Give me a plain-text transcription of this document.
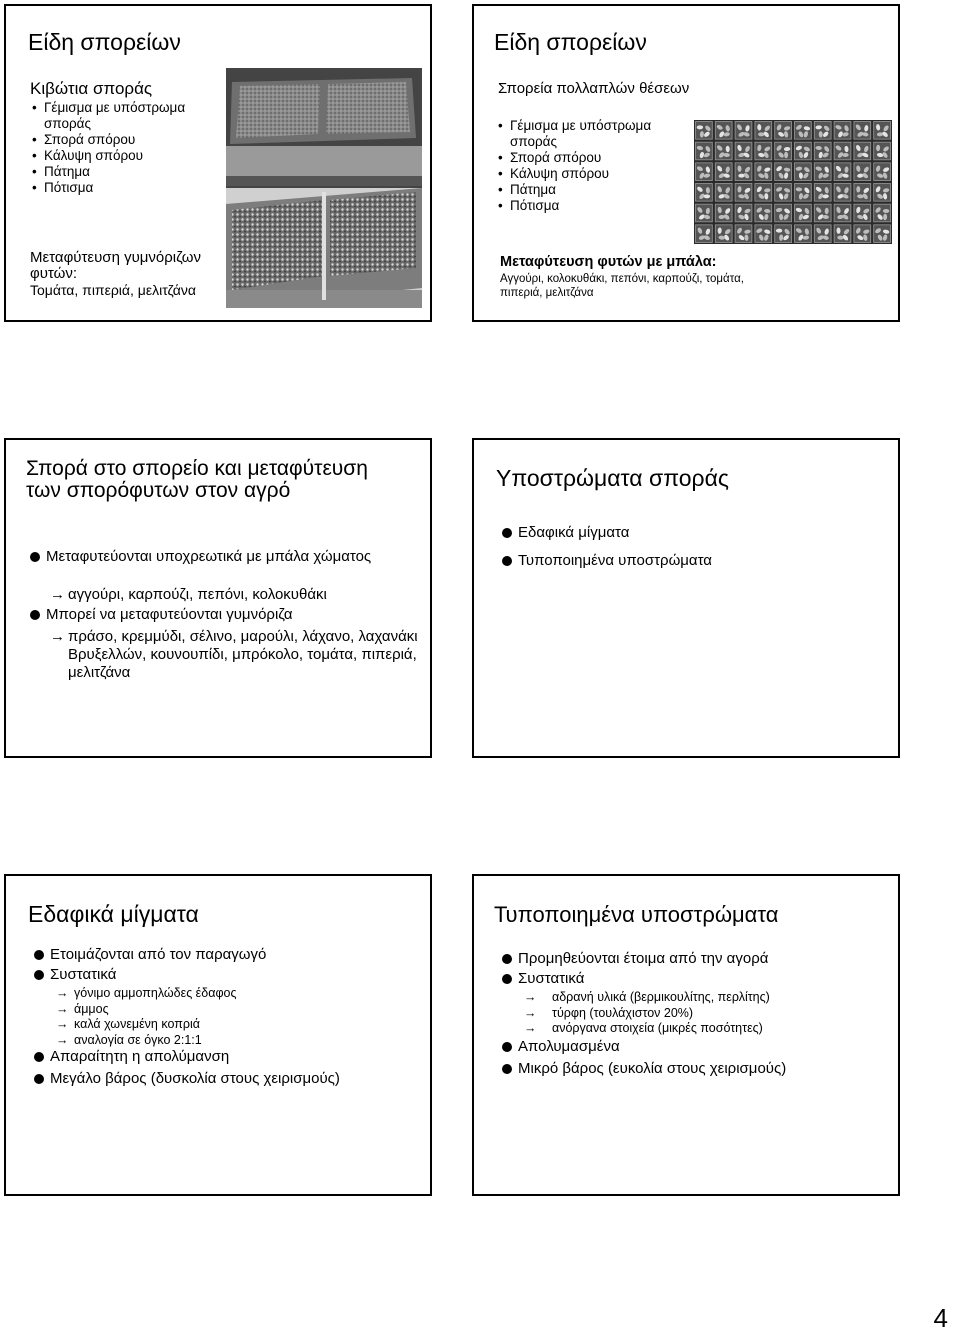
Είδη σπορείων
Κιβώτια σποράς
• Γέμισμα με υπόστρωμα σποράς
• Σπορά σπόρου
• Κάλυψη σπόρου
• Πάτημα
• Πότισμα
Μεταφύτευση γυμνόριζων φυτών:
Τομάτα, πιπεριά, μελιτζάνα
Είδη σπορείων
Σπορεία πολλαπλών θέσεων
• Γέμισμα με υπόστρωμα σποράς
• Σπορά σπόρου
• Κάλυψη σπόρου
• Πάτημα
• Πότισμα
Μεταφύτευση φυτών με μπάλα:
Αγγούρι, κολοκυθάκι, πεπόνι, καρπούζι, τομάτα, πιπεριά, μελιτζάνα
Σπορά στο σπορείο και μεταφύτευση των σπορόφυτων στον αγρό
Μεταφυτεύονται υποχρεωτικά με μπάλα χώματος
→ αγγούρι, καρπούζι, πεπόνι, κολοκυθάκι
Μπορεί να μεταφυτεύονται γυμνόριζα
→ πράσο, κρεμμύδι, σέλινο, μαρούλι, λάχανο, λαχανάκι Βρυξελλών, κουνουπίδι, μπρόκολο, τομάτα, πιπεριά, μελιτζάνα
Υποστρώματα σποράς
Εδαφικά μίγματα
Τυποποιημένα υποστρώματα
Εδαφικά μίγματα
Ετοιμάζονται από τον παραγωγό
Συστατικά
→ γόνιμο αμμοπηλώδες έδαφος
→ άμμος
→ καλά χωνεμένη κοπριά
→ αναλογία σε όγκο 2:1:1
Απαραίτητη η απολύμανση
Μεγάλο βάρος (δυσκολία στους χειρισμούς)
Τυποποιημένα υποστρώματα
Προμηθεύονται έτοιμα από την αγορά
Συστατικά
→ αδρανή υλικά (βερμικουλίτης, περλίτης)
→ τύρφη (τουλάχιστον 20%)
→ ανόργανα στοιχεία (μικρές ποσότητες)
Απολυμασμένα
Μικρό βάρος (ευκολία στους χειρισμούς)
4
